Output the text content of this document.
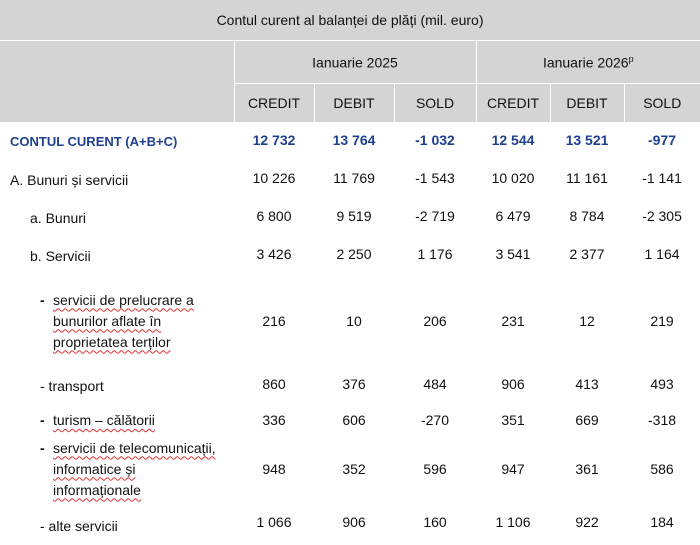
Contul curent al balanței de plăți (mil. euro)						
	Ianuarie 2025			Ianuarie 2026$^p$
	CREDIT	DEBIT	SOLD	CREDIT	DEBIT	SOLD
CONTUL CURENT (A+B+C)	12 732	13 764	-1 032	12 544	13 521	-977
A. Bunuri și servicii	10 226	11 769	-1 543	10 020	11 161	-1 141
a. Bunuri	6 800	9 519	-2 719	6 479	8 784	-2 305
b. Servicii	3 426	2 250	1 176	3 541	2 377	1 164

- servicii de prelucrare a
bunurilor aflate în
proprietatea terților	216	10	206	231	12	219
- transport	860	376	484	906	413	493
- turism – călătorii	336	606	-270	351	669	-318

- servicii de telecomunicații,
informatice și
informaționale	948	352	596	947	361	586
- alte servicii	1 066	906	160	1 106	922	184
